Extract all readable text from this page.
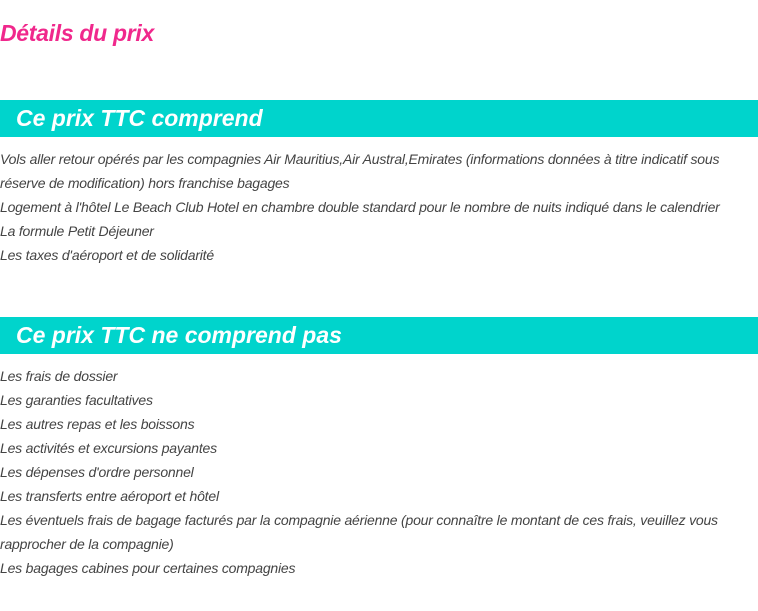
Détails du prix
Ce prix TTC comprend
Vols aller retour opérés par les compagnies Air Mauritius,Air Austral,Emirates (informations données à titre indicatif sous réserve de modification) hors franchise bagages
Logement à l'hôtel Le Beach Club Hotel en chambre double standard pour le nombre de nuits indiqué dans le calendrier
La formule Petit Déjeuner
Les taxes d'aéroport et de solidarité
Ce prix TTC ne comprend pas
Les frais de dossier
Les garanties facultatives
Les autres repas et les boissons
Les activités et excursions payantes
Les dépenses d'ordre personnel
Les transferts entre aéroport et hôtel
Les éventuels frais de bagage facturés par la compagnie aérienne (pour connaître le montant de ces frais, veuillez vous rapprocher de la compagnie)
Les bagages cabines pour certaines compagnies
